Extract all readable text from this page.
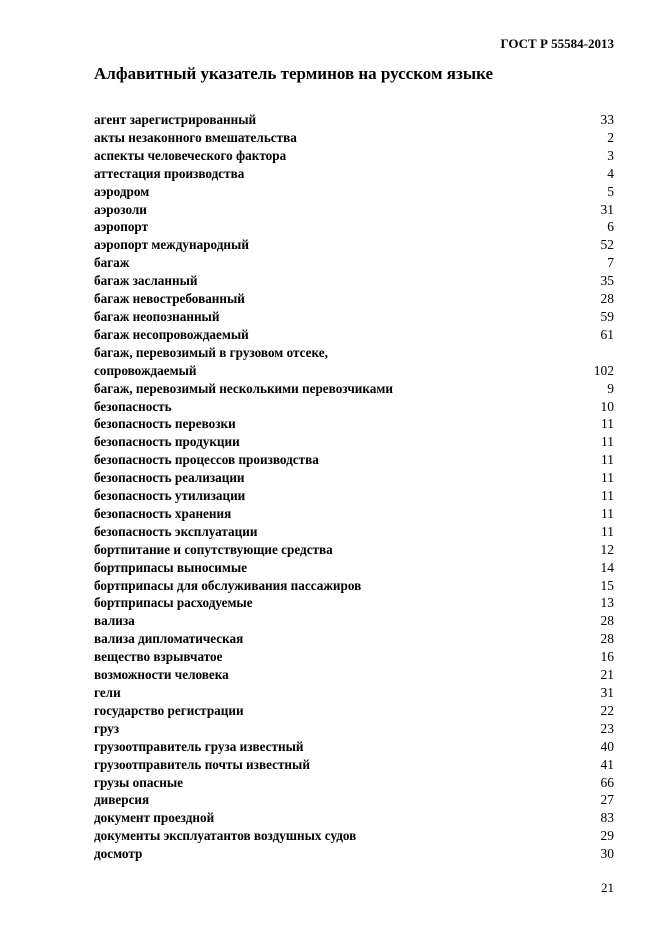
ГОСТ Р 55584-2013
Алфавитный указатель терминов на русском языке
агент зарегистрированный	33
акты незаконного вмешательства	2
аспекты человеческого фактора	3
аттестация производства	4
аэродром	5
аэрозоли	31
аэропорт	6
аэропорт международный	52
багаж	7
багаж засланный	35
багаж невостребованный	28
багаж неопознанный	59
багаж несопровождаемый	61
багаж, перевозимый в грузовом отсеке,
сопровождаемый	102
багаж, перевозимый несколькими перевозчиками	9
безопасность	10
безопасность перевозки	11
безопасность продукции	11
безопасность процессов производства	11
безопасность реализации	11
безопасность утилизации	11
безопасность хранения	11
безопасность эксплуатации	11
бортпитание и сопутствующие средства	12
бортприпасы выносимые	14
бортприпасы для обслуживания пассажиров	15
бортприпасы расходуемые	13
вализа	28
вализа дипломатическая	28
вещество взрывчатое	16
возможности человека	21
гели	31
государство регистрации	22
груз	23
грузоотправитель груза известный	40
грузоотправитель почты известный	41
грузы опасные	66
диверсия	27
документ проездной	83
документы эксплуатантов воздушных судов	29
досмотр	30
21
